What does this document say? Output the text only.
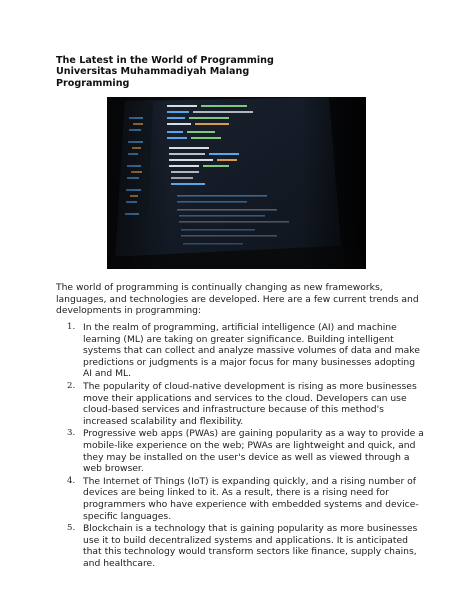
The Latest in the World of Programming
Universitas Muhammadiyah Malang
Programming
The world of programming is continually changing as new frameworks, languages, and technologies are developed. Here are a few current trends and developments in programming:
1. In the realm of programming, artificial intelligence (AI) and machine learning (ML) are taking on greater significance. Building intelligent systems that can collect and analyze massive volumes of data and make predictions or judgments is a major focus for many businesses adopting AI and ML.
2. The popularity of cloud-native development is rising as more businesses move their applications and services to the cloud. Developers can use cloud-based services and infrastructure because of this method's increased scalability and flexibility.
3. Progressive web apps (PWAs) are gaining popularity as a way to provide a mobile-like experience on the web; PWAs are lightweight and quick, and they may be installed on the user's device as well as viewed through a web browser.
4. The Internet of Things (IoT) is expanding quickly, and a rising number of devices are being linked to it. As a result, there is a rising need for programmers who have experience with embedded systems and device-specific languages.
5. Blockchain is a technology that is gaining popularity as more businesses use it to build decentralized systems and applications. It is anticipated that this technology would transform sectors like finance, supply chains, and healthcare.
